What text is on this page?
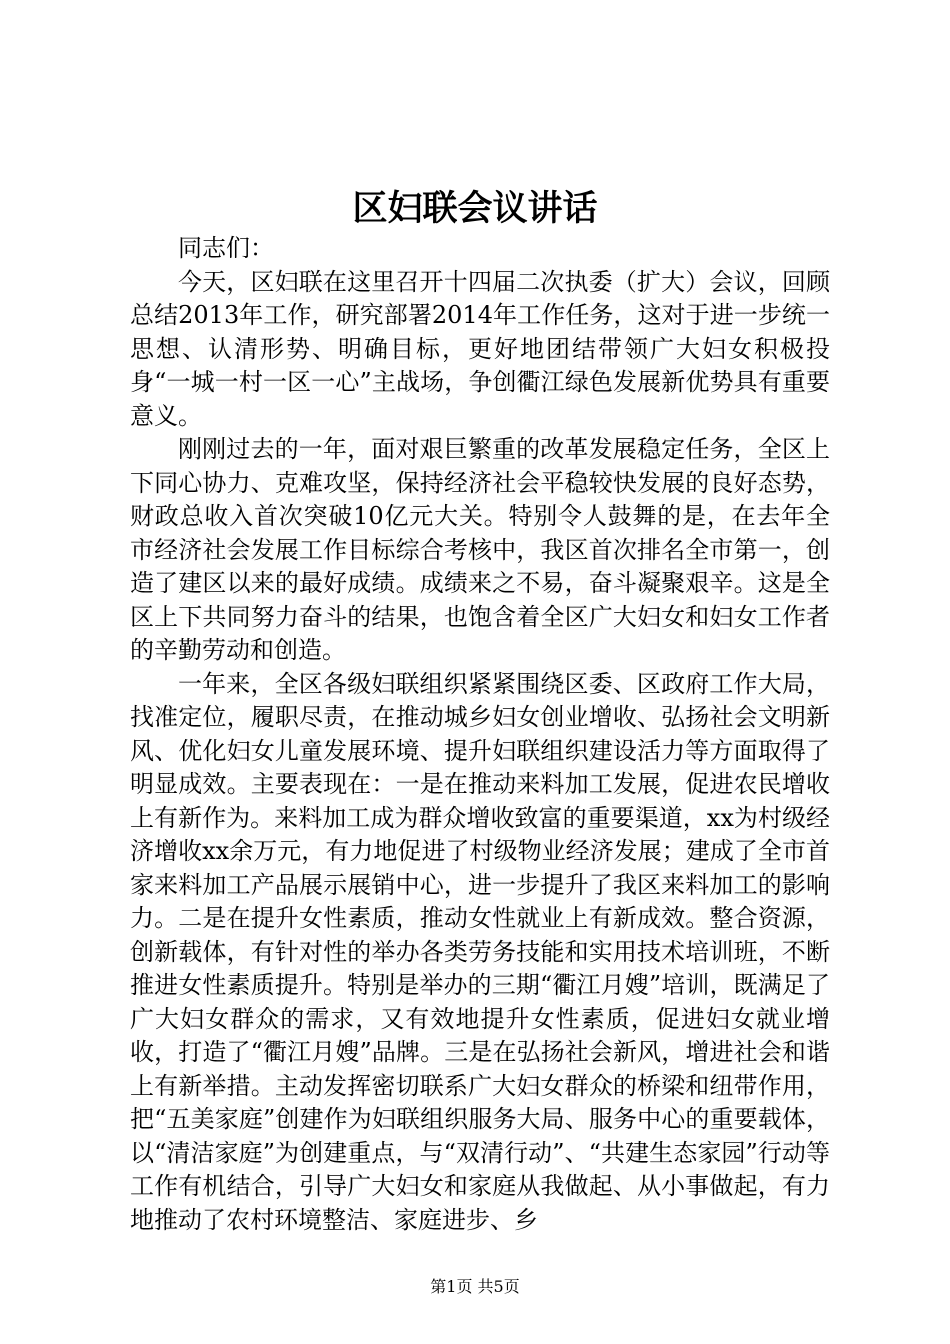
区妇联会议讲话

同志们：

今天，区妇联在这里召开十四届二次执委（扩大）会议，回顾总结2013年工作，研究部署2014年工作任务，这对于进一步统一思想、认清形势、明确目标，更好地团结带领广大妇女积极投身“一城一村一区一心”主战场，争创衢江绿色发展新优势具有重要意义。

刚刚过去的一年，面对艰巨繁重的改革发展稳定任务，全区上下同心协力、克难攻坚，保持经济社会平稳较快发展的良好态势，财政总收入首次突破10亿元大关。特别令人鼓舞的是，在去年全市经济社会发展工作目标综合考核中，我区首次排名全市第一，创造了建区以来的最好成绩。成绩来之不易，奋斗凝聚艰辛。这是全区上下共同努力奋斗的结果，也饱含着全区广大妇女和妇女工作者的辛勤劳动和创造。

一年来，全区各级妇联组织紧紧围绕区委、区政府工作大局，找准定位，履职尽责，在推动城乡妇女创业增收、弘扬社会文明新风、优化妇女儿童发展环境、提升妇联组织建设活力等方面取得了明显成效。主要表现在：一是在推动来料加工发展，促进农民增收上有新作为。来料加工成为群众增收致富的重要渠道，xx为村级经济增收xx余万元，有力地促进了村级物业经济发展；建成了全市首家来料加工产品展示展销中心，进一步提升了我区来料加工的影响力。二是在提升女性素质，推动女性就业上有新成效。整合资源，创新载体，有针对性的举办各类劳务技能和实用技术培训班，不断推进女性素质提升。特别是举办的三期“衢江月嫂”培训，既满足了广大妇女群众的需求，又有效地提升女性素质，促进妇女就业增收，打造了“衢江月嫂”品牌。三是在弘扬社会新风，增进社会和谐上有新举措。主动发挥密切联系广大妇女群众的桥梁和纽带作用，把“五美家庭”创建作为妇联组织服务大局、服务中心的重要载体，以“清洁家庭”为创建重点，与“双清行动”、“共建生态家园”行动等工作有机结合，引导广大妇女和家庭从我做起、从小事做起，有力地推动了农村环境整洁、家庭进步、乡

第1页 共5页
